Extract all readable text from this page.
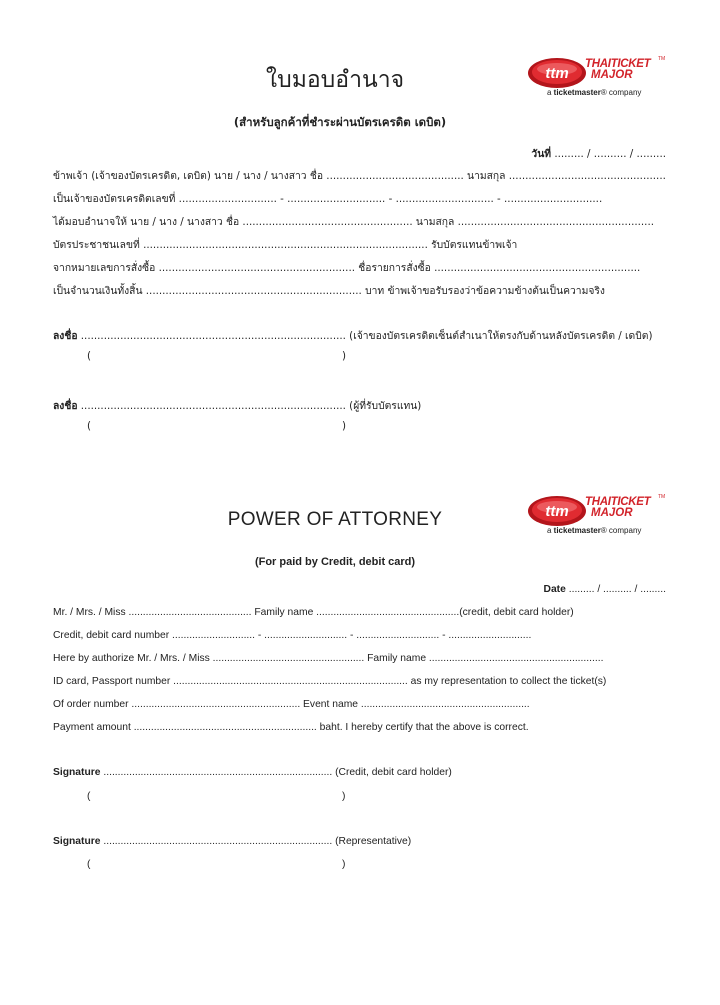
ใบมอบอำนาจ	ttm
THAITICKET
MAJOR
TM
a ticketmaster® company
(สำหรับลูกค้าที่ชำระผ่านบัตรเครดิต เดบิต)
วันที่ ......... / .......... / .........
ข้าพเจ้า (เจ้าของบัตรเครดิต, เดบิต) นาย / นาง / นางสาว ชื่อ .......................................... นามสกุล ................................................
เป็นเจ้าของบัตรเครดิตเลขที่ .............................. - .............................. - .............................. - ..............................
ได้มอบอำนาจให้ นาย / นาง / นางสาว ชื่อ .................................................... นามสกุล ............................................................
บัตรประชาชนเลขที่ ....................................................................................... รับบัตรแทนข้าพเจ้า
จากหมายเลขการสั่งซื้อ ............................................................ ชื่อรายการสั่งซื้อ ...............................................................
เป็นจำนวนเงินทั้งสิ้น .................................................................. บาท ข้าพเจ้าขอรับรองว่าข้อความข้างต้นเป็นความจริง
ลงชื่อ ................................................................................. (เจ้าของบัตรเครดิตเซ็นต์สำเนาให้ตรงกับด้านหลังบัตรเครดิต / เดบิต)
(	)
ลงชื่อ ................................................................................. (ผู้ที่รับบัตรแทน)
(	)
POWER OF ATTORNEY	ttm
THAITICKET
MAJOR
TM
a ticketmaster® company
(For paid by Credit, debit card)
Date ......... / .......... / .........
Mr. / Mrs. / Miss ........................................... Family name ..................................................(credit, debit card holder)
Credit, debit card number ............................. - ............................. - ............................. - .............................
Here by authorize Mr. / Mrs. / Miss ..................................................... Family name .............................................................
ID card, Passport number .................................................................................. as my representation to collect the ticket(s)
Of order number ........................................................... Event name ...........................................................
Payment amount ................................................................ baht. I hereby certify that the above is correct.
Signature ................................................................................ (Credit, debit card holder)
(	)
Signature ................................................................................ (Representative)
(	)
